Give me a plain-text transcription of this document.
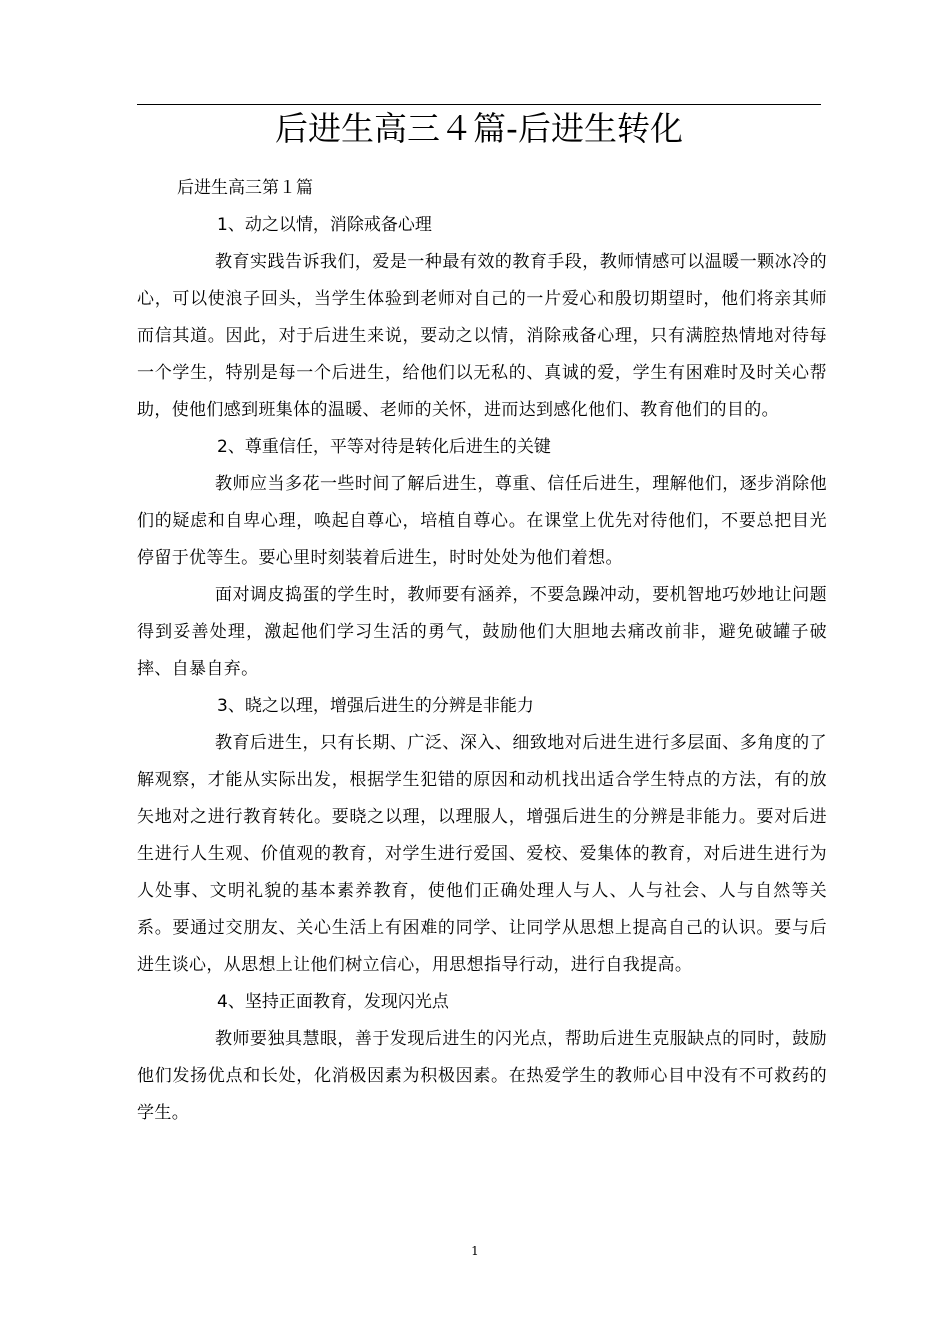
后进生高三４篇-后进生转化

后进生高三第１篇

1、动之以情，消除戒备心理

教育实践告诉我们，爱是一种最有效的教育手段，教师情感可以温暖一颗冰冷的心，可以使浪子回头，当学生体验到老师对自己的一片爱心和殷切期望时，他们将亲其师而信其道。因此，对于后进生来说，要动之以情，消除戒备心理，只有满腔热情地对待每一个学生，特别是每一个后进生，给他们以无私的、真诚的爱，学生有困难时及时关心帮助，使他们感到班集体的温暖、老师的关怀，进而达到感化他们、教育他们的目的。

2、尊重信任，平等对待是转化后进生的关键

教师应当多花一些时间了解后进生，尊重、信任后进生，理解他们，逐步消除他们的疑虑和自卑心理，唤起自尊心，培植自尊心。在课堂上优先对待他们，不要总把目光停留于优等生。要心里时刻装着后进生，时时处处为他们着想。

面对调皮捣蛋的学生时，教师要有涵养，不要急躁冲动，要机智地巧妙地让问题得到妥善处理，激起他们学习生活的勇气，鼓励他们大胆地去痛改前非，避免破罐子破摔、自暴自弃。

3、晓之以理，增强后进生的分辨是非能力

教育后进生，只有长期、广泛、深入、细致地对后进生进行多层面、多角度的了解观察，才能从实际出发，根据学生犯错的原因和动机找出适合学生特点的方法，有的放矢地对之进行教育转化。要晓之以理，以理服人，增强后进生的分辨是非能力。要对后进生进行人生观、价值观的教育，对学生进行爱国、爱校、爱集体的教育，对后进生进行为人处事、文明礼貌的基本素养教育，使他们正确处理人与人、人与社会、人与自然等关系。要通过交朋友、关心生活上有困难的同学、让同学从思想上提高自己的认识。要与后进生谈心，从思想上让他们树立信心，用思想指导行动，进行自我提高。

4、坚持正面教育，发现闪光点

教师要独具慧眼，善于发现后进生的闪光点，帮助后进生克服缺点的同时，鼓励他们发扬优点和长处，化消极因素为积极因素。在热爱学生的教师心目中没有不可救药的学生。

1
